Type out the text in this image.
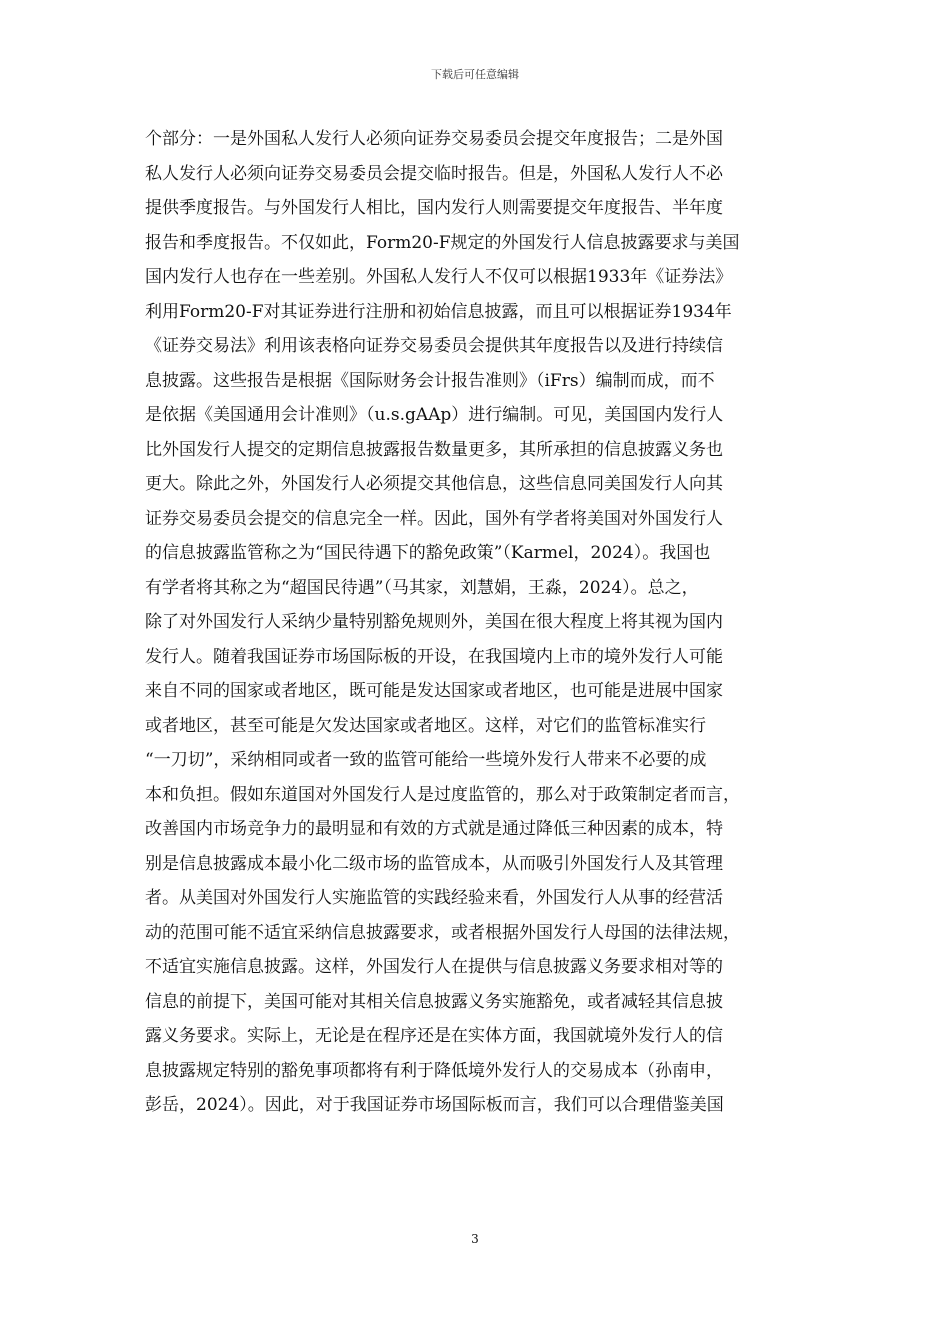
下载后可任意编辑
个部分：一是外国私人发行人必须向证券交易委员会提交年度报告；二是外国
私人发行人必须向证券交易委员会提交临时报告。但是，外国私人发行人不必
提供季度报告。与外国发行人相比，国内发行人则需要提交年度报告、半年度
报告和季度报告。不仅如此，Form20-F规定的外国发行人信息披露要求与美国
国内发行人也存在一些差别。外国私人发行人不仅可以根据1933年《证券法》
利用Form20-F对其证券进行注册和初始信息披露，而且可以根据证券1934年
《证券交易法》利用该表格向证券交易委员会提供其年度报告以及进行持续信
息披露。这些报告是根据《国际财务会计报告准则》（iFrs）编制而成，而不
是依据《美国通用会计准则》（u.s.gAAp）进行编制。可见，美国国内发行人
比外国发行人提交的定期信息披露报告数量更多，其所承担的信息披露义务也
更大。除此之外，外国发行人必须提交其他信息，这些信息同美国发行人向其
证券交易委员会提交的信息完全一样。因此，国外有学者将美国对外国发行人
的信息披露监管称之为“国民待遇下的豁免政策”（Karmel，2024）。我国也
有学者将其称之为“超国民待遇”（马其家，刘慧娟，王淼，2024）。总之，
除了对外国发行人采纳少量特别豁免规则外，美国在很大程度上将其视为国内
发行人。随着我国证券市场国际板的开设，在我国境内上市的境外发行人可能
来自不同的国家或者地区，既可能是发达国家或者地区，也可能是进展中国家
或者地区，甚至可能是欠发达国家或者地区。这样，对它们的监管标准实行
“一刀切”，采纳相同或者一致的监管可能给一些境外发行人带来不必要的成
本和负担。假如东道国对外国发行人是过度监管的，那么对于政策制定者而言，
改善国内市场竞争力的最明显和有效的方式就是通过降低三种因素的成本，特
别是信息披露成本最小化二级市场的监管成本，从而吸引外国发行人及其管理
者。从美国对外国发行人实施监管的实践经验来看，外国发行人从事的经营活
动的范围可能不适宜采纳信息披露要求，或者根据外国发行人母国的法律法规，
不适宜实施信息披露。这样，外国发行人在提供与信息披露义务要求相对等的
信息的前提下，美国可能对其相关信息披露义务实施豁免，或者减轻其信息披
露义务要求。实际上，无论是在程序还是在实体方面，我国就境外发行人的信
息披露规定特别的豁免事项都将有利于降低境外发行人的交易成本（孙南申，
彭岳，2024）。因此，对于我国证券市场国际板而言，我们可以合理借鉴美国
3
